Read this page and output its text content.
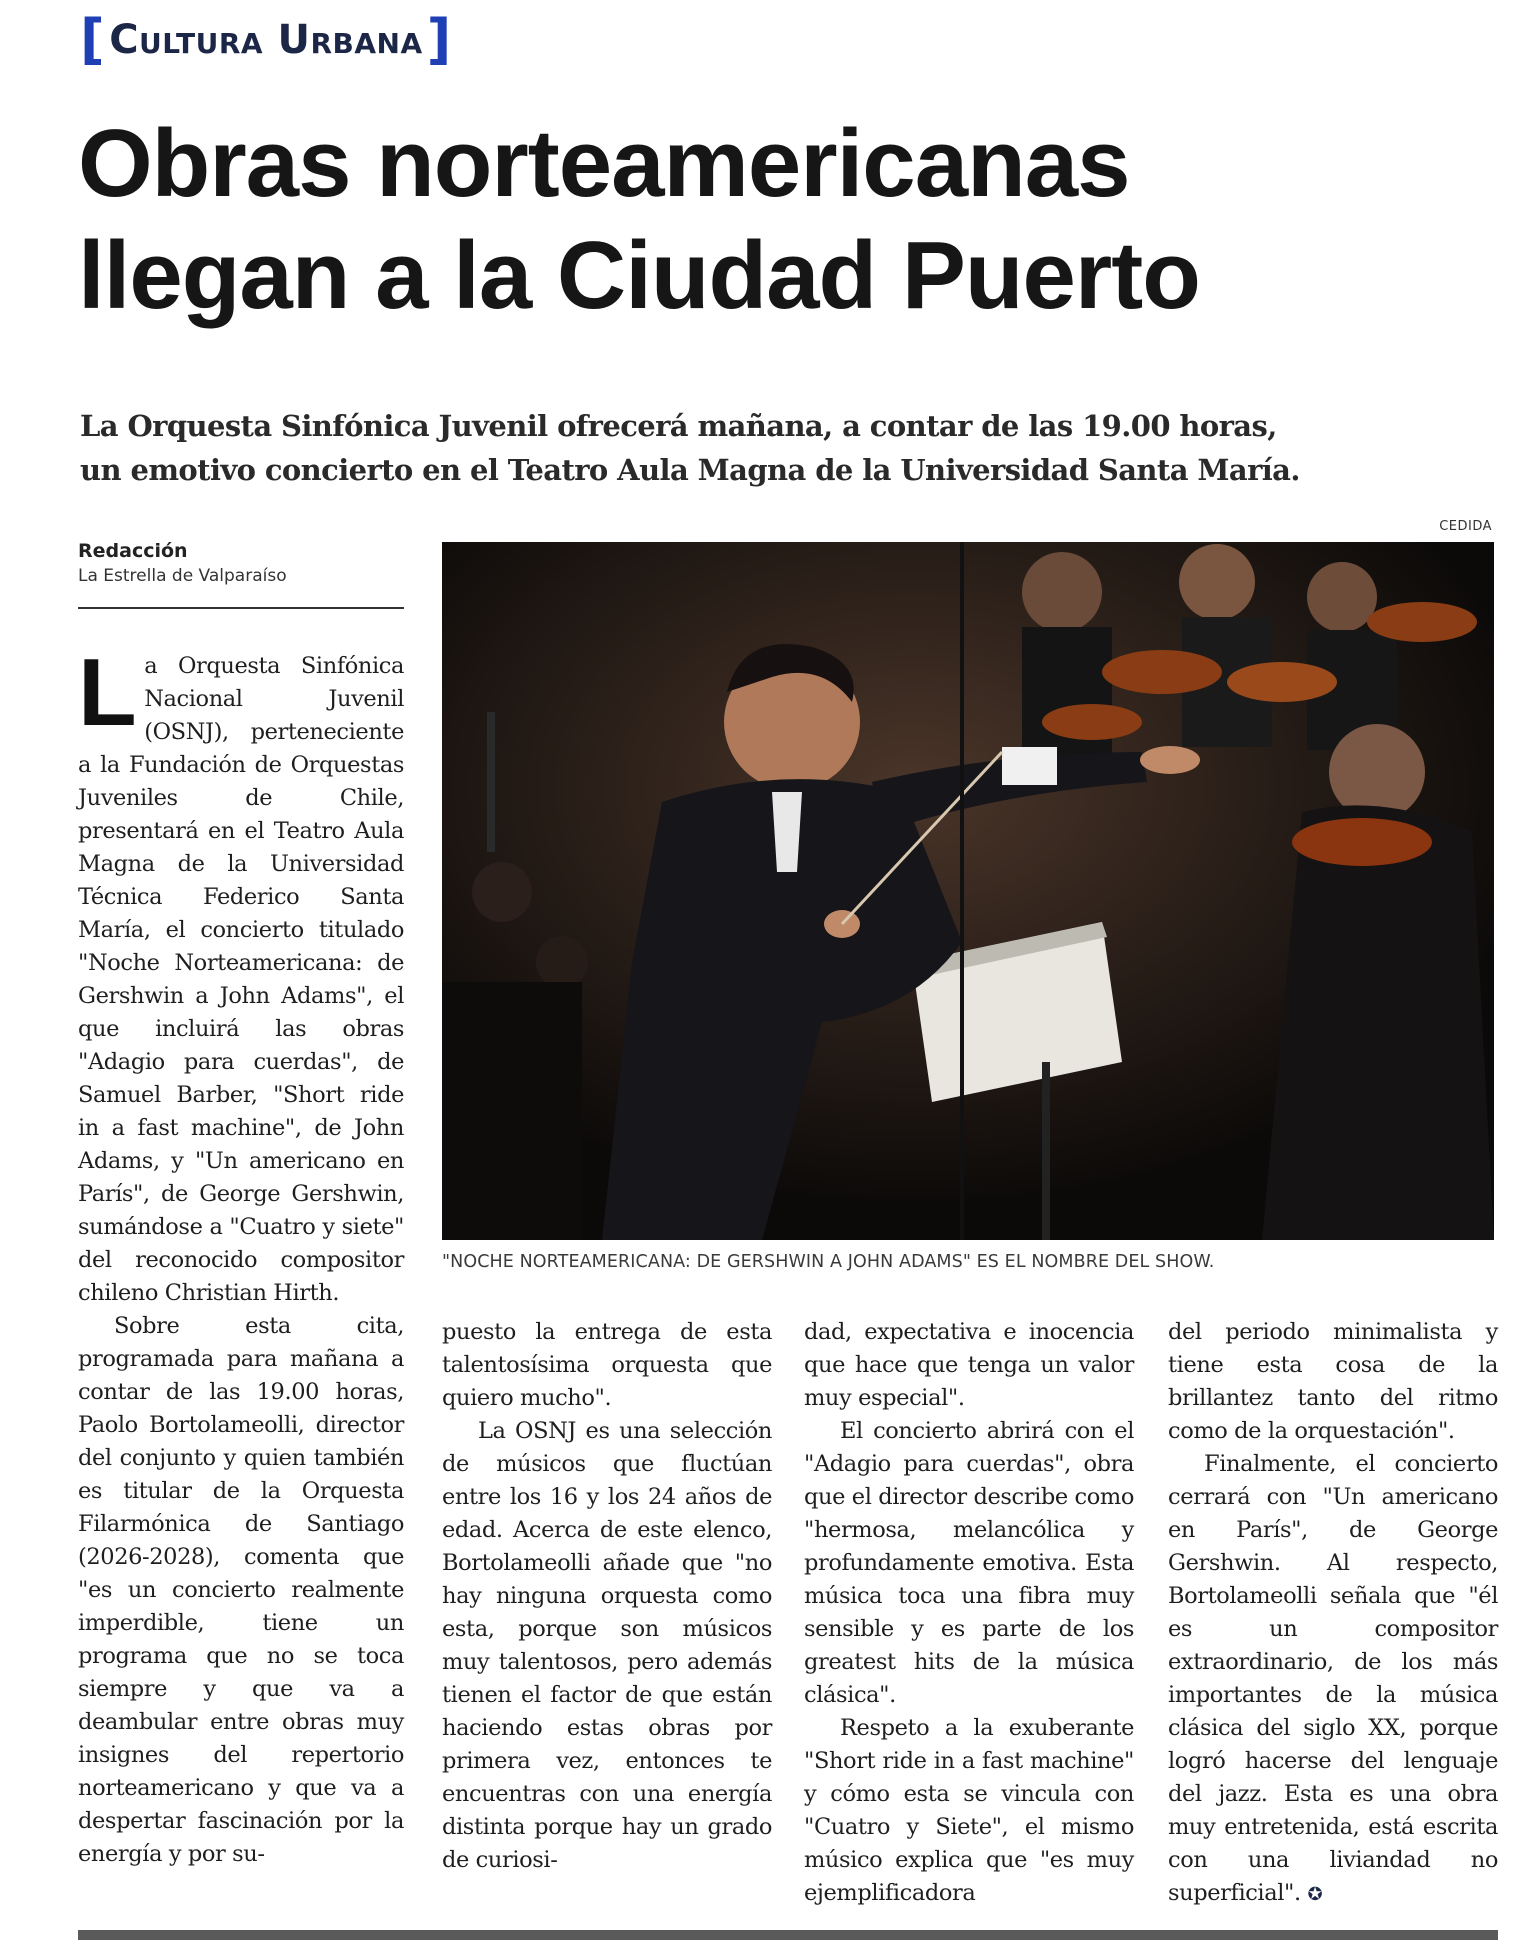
[ Cultura Urbana ]
Obras norteamericanas
llegan a la Ciudad Puerto
La Orquesta Sinfónica Juvenil ofrecerá mañana, a contar de las 19.00 horas,
un emotivo concierto en el Teatro Aula Magna de la Universidad Santa María.
Redacción
La Estrella de Valparaíso
CEDIDA
"NOCHE NORTEAMERICANA: DE GERSHWIN A JOHN ADAMS" ES EL NOMBRE DEL SHOW.

La Orquesta Sinfónica Nacional Juvenil (OSNJ), perteneciente a la Fundación de Orquestas Juveniles de Chile, presentará en el Teatro Aula Magna de la Universidad Técnica Federico Santa María, el concierto titulado "Noche Norteamericana: de Gershwin a John Adams", el que incluirá las obras "Adagio para cuerdas", de Samuel Barber, "Short ride in a fast machine", de John Adams, y "Un americano en París", de George Gershwin, sumándose a "Cuatro y siete" del reconocido compositor chileno Christian Hirth.

Sobre esta cita, programada para mañana a contar de las 19.00 horas, Paolo Bortolameolli, director del conjunto y quien también es titular de la Orquesta Filarmónica de Santiago (2026-2028), comenta que "es un concierto realmente imperdible, tiene un programa que no se toca siempre y que va a deambular entre obras muy insignes del repertorio norteamericano y que va a despertar fascinación por la energía y por su-

puesto la entrega de esta talentosísima orquesta que quiero mucho".

La OSNJ es una selección de músicos que fluctúan entre los 16 y los 24 años de edad. Acerca de este elenco, Bortolameolli añade que "no hay ninguna orquesta como esta, porque son músicos muy talentosos, pero además tienen el factor de que están haciendo estas obras por primera vez, entonces te encuentras con una energía distinta porque hay un grado de curiosi-

dad, expectativa e inocencia que hace que tenga un valor muy especial".

El concierto abrirá con el "Adagio para cuerdas", obra que el director describe como "hermosa, melancólica y profundamente emotiva. Esta música toca una fibra muy sensible y es parte de los greatest hits de la música clásica".

Respeto a la exuberante "Short ride in a fast machine" y cómo esta se vincula con "Cuatro y Siete", el mismo músico explica que "es muy ejemplificadora

del periodo minimalista y tiene esta cosa de la brillantez tanto del ritmo como de la orquestación".

Finalmente, el concierto cerrará con "Un americano en París", de George Gershwin. Al respecto, Bortolameolli señala que "él es un compositor extraordinario, de los más importantes de la música clásica del siglo XX, porque logró hacerse del lenguaje del jazz. Esta es una obra muy entretenida, está escrita con una liviandad no superficial". ✪
